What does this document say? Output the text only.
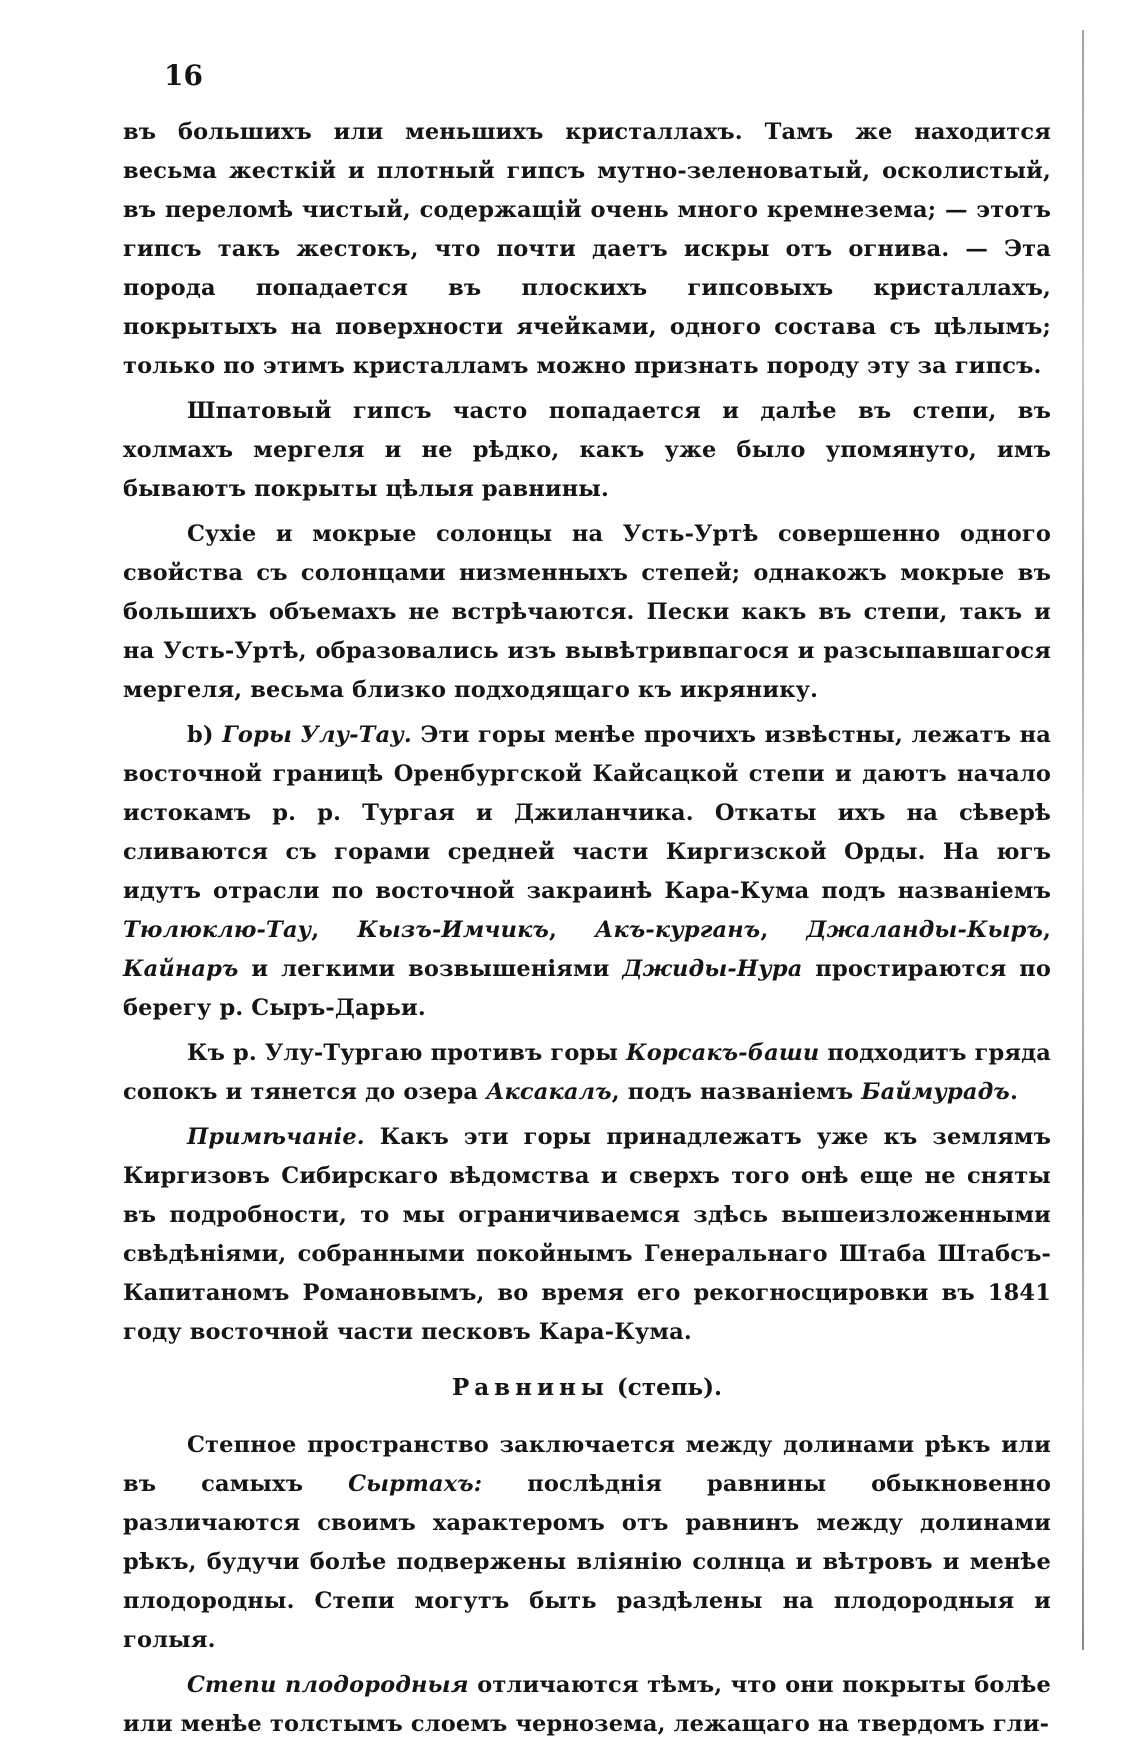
16

въ большихъ или меньшихъ кристаллахъ. Тамъ же находится весьма жесткій и плотный гипсъ мутно-зеленоватый, осколистый, въ переломѣ чистый, содержащій очень много кремнезема; — этотъ гипсъ такъ жестокъ, что почти даетъ искры отъ огнива. — Эта порода попадается въ плоскихъ гипсовыхъ кристаллахъ, покрытыхъ на поверхности ячейками, одного состава съ цѣлымъ; только по этимъ кристалламъ можно признать породу эту за гипсъ.

Шпатовый гипсъ часто попадается и далѣе въ степи, въ холмахъ мергеля и не рѣдко, какъ уже было упомянуто, имъ бываютъ покрыты цѣлыя равнины.

Сухіе и мокрые солонцы на Усть-Уртѣ совершенно одного свойства съ солонцами низменныхъ степей; однакожъ мокрые въ большихъ объемахъ не встрѣчаются. Пески какъ въ степи, такъ и на Усть-Уртѣ, образовались изъ вывѣтривпагося и разсыпавшагося мергеля, весьма близко подходящаго къ икрянику.

b) Горы Улу-Тау. Эти горы менѣе прочихъ извѣстны, лежатъ на восточной границѣ Оренбургской Кайсацкой степи и даютъ начало истокамъ р. р. Тургая и Джиланчика. Откаты ихъ на сѣверѣ сливаются съ горами средней части Киргизской Орды. На югъ идутъ отрасли по восточной закраинѣ Кара-Кума подъ названіемъ Тюлюклю-Тау, Кызъ-Имчикъ, Акъ-курганъ, Джаланды-Кыръ, Кайнаръ и легкими возвышеніями Джиды-Нура простираются по берегу р. Сыръ-Дарьи.

Къ р. Улу-Тургаю противъ горы Корсакъ-баши подходитъ гряда сопокъ и тянется до озера Аксакалъ, подъ названіемъ Баймурадъ.

Примѣчаніе. Какъ эти горы принадлежатъ уже къ землямъ Киргизовъ Сибирскаго вѣдомства и сверхъ того онѣ еще не сняты въ подробности, то мы ограничиваемся здѣсь вышеизложенными свѣдѣніями, собранными покойнымъ Генеральнаго Штаба Штабсъ-Капитаномъ Романовымъ, во время его рекогносцировки въ 1841 году восточной части песковъ Кара-Кума.

Равнины (степь).

Степное пространство заключается между долинами рѣкъ или въ самыхъ Сыртахъ: послѣднія равнины обыкновенно различаются своимъ характеромъ отъ равнинъ между долинами рѣкъ, будучи болѣе подвержены вліянію солнца и вѣтровъ и менѣе плодородны. Степи могутъ быть раздѣлены на плодородныя и голыя.

Степи плодородныя отличаются тѣмъ, что они покрыты болѣе или менѣе толстымъ слоемъ чернозема, лежащаго на твердомъ гли-
